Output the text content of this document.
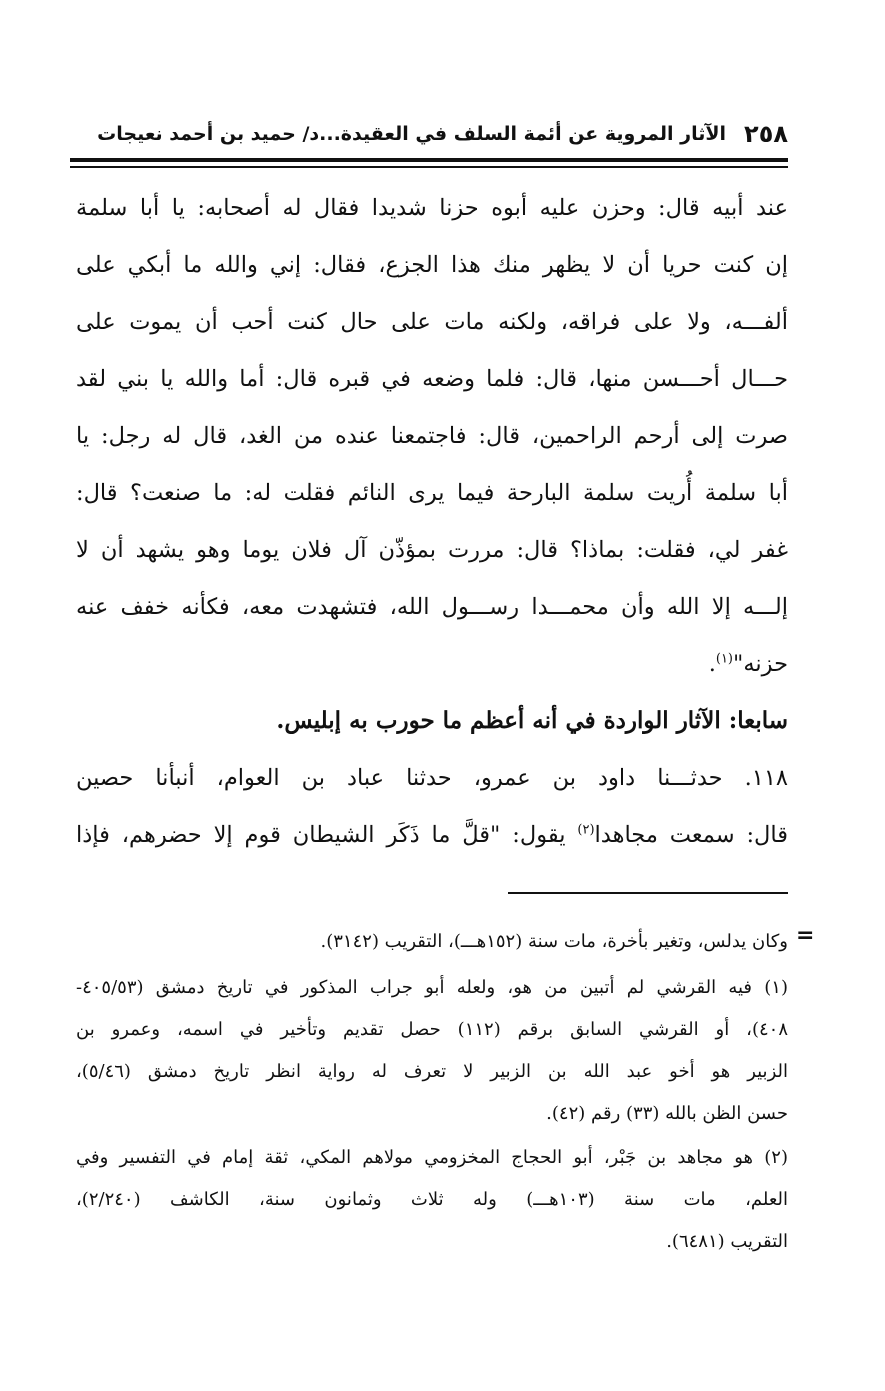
٢٥٨
الآثار المروية عن أئمة السلف في العقيدة...د/ حميد بن أحمد نعيجات
عند أبيه قال: وحزن عليه أبوه حزنا شديدا فقال له أصحابه: يا أبا سلمة
إن كنت حريا أن لا يظهر منك هذا الجزع، فقال: إني والله ما أبكي على
ألفـــه، ولا على فراقه، ولكنه مات على حال كنت أحب أن يموت على
حـــال أحـــسن منها، قال: فلما وضعه في قبره قال: أما والله يا بني لقد
صرت إلى أرحم الراحمين، قال: فاجتمعنا عنده من الغد، قال له رجل: يا
أبا سلمة أُريت سلمة البارحة فيما يرى النائم فقلت له: ما صنعت؟ قال:
غفر لي، فقلت: بماذا؟ قال: مررت بمؤذّن آل فلان يوما وهو يشهد أن لا
إلـــه إلا الله وأن محمـــدا رســـول الله، فتشهدت معه، فكأنه خفف عنه
حزنه"$^{(١)}$.
سابعا: الآثار الواردة في أنه أعظم ما حورب به إبليس.
١١٨. حدثـــنا داود بن عمرو، حدثنا عباد بن العوام، أنبأنا حصين
قال: سمعت مجاهدا$^{(٢)}$ يقول: "قلَّ ما ذَكَر الشيطان قوم إلا حضرهم، فإذا
=
وكان يدلس، وتغير بأخرة، مات سنة (١٥٢هـــ)، التقريب (٣١٤٢).
(١) فيه القرشي لم أتبين من هو، ولعله أبو جراب المذكور في تاريخ دمشق (٤٠٥/٥٣-
٤٠٨)، أو القرشي السابق برقم (١١٢) حصل تقديم وتأخير في اسمه، وعمرو بن
الزبير هو أخو عبد الله بن الزبير لا تعرف له رواية انظر تاريخ دمشق (٥/٤٦)،
حسن الظن بالله (٣٣) رقم (٤٢).
(٢) هو مجاهد بن جَبْر، أبو الحجاج المخزومي مولاهم المكي، ثقة إمام في التفسير وفي
العلم، مات سنة (١٠٣هـــ) وله ثلاث وثمانون سنة، الكاشف (٢/٢٤٠)،
التقريب (٦٤٨١).
